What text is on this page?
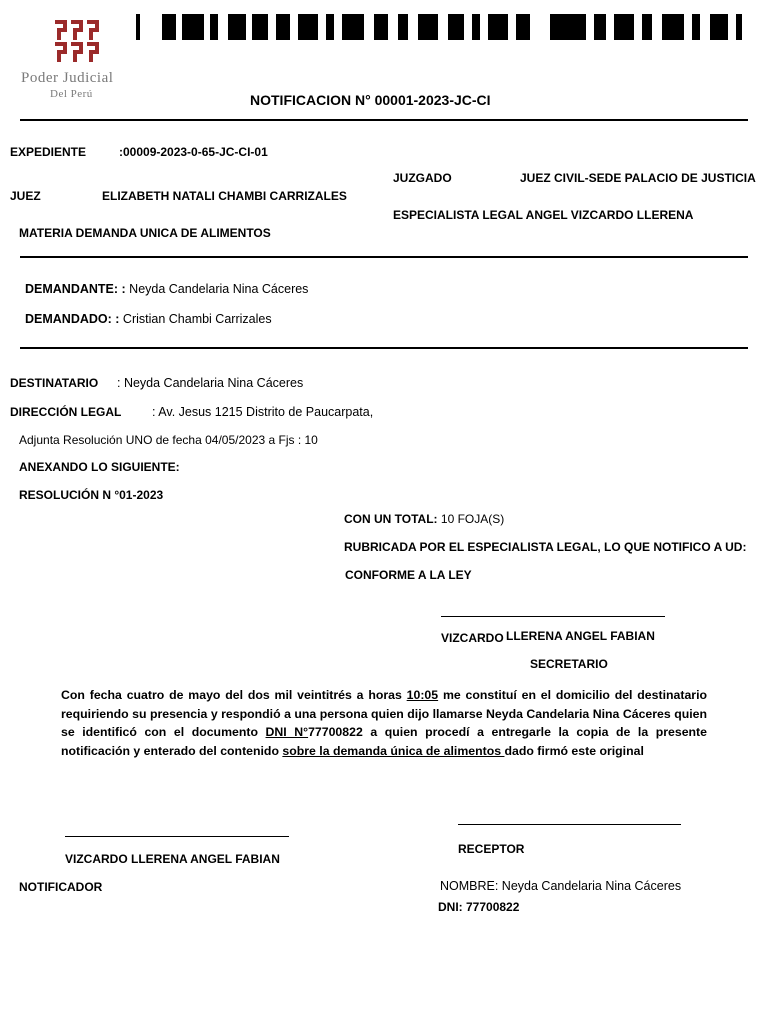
Poder Judicial
Del Perú	NOTIFICACION N° 00001-2023-JC-CI
EXPEDIENTE	:00009-2023-0-65-JC-CI-01
JUZGADO	JUEZ CIVIL-SEDE PALACIO DE JUSTICIA
JUEZ	ELIZABETH NATALI CHAMBI CARRIZALES
ESPECIALISTA LEGAL ANGEL VIZCARDO LLERENA
MATERIA DEMANDA UNICA DE ALIMENTOS
DEMANDANTE: : Neyda Candelaria Nina Cáceres
DEMANDADO: : Cristian Chambi Carrizales
DESTINATARIO : Neyda Candelaria Nina Cáceres
DIRECCIÓN LEGAL : Av. Jesus 1215 Distrito de Paucarpata,
Adjunta Resolución UNO de fecha 04/05/2023 a Fjs : 10
ANEXANDO LO SIGUIENTE:
RESOLUCIÓN N °01-2023
CON UN TOTAL: 10 FOJA(S)
RUBRICADA POR EL ESPECIALISTA LEGAL, LO QUE NOTIFICO A UD:
CONFORME A LA LEY
VIZCARDO LLERENA ANGEL FABIAN
SECRETARIO
Con fecha cuatro de mayo del dos mil veintitrés a horas 10:05 me constituí en el domicilio del destinatario requiriendo su presencia y respondió a una persona quien dijo llamarse Neyda Candelaria Nina Cáceres quien se identificó con el documento DNI N°77700822 a quien procedí a entregarle la copia de la presente notificación y enterado del contenido sobre la demanda única de alimentos dado firmó este original
VIZCARDO LLERENA ANGEL FABIAN
NOTIFICADOR
RECEPTOR
NOMBRE: Neyda Candelaria Nina Cáceres
DNI: 77700822
